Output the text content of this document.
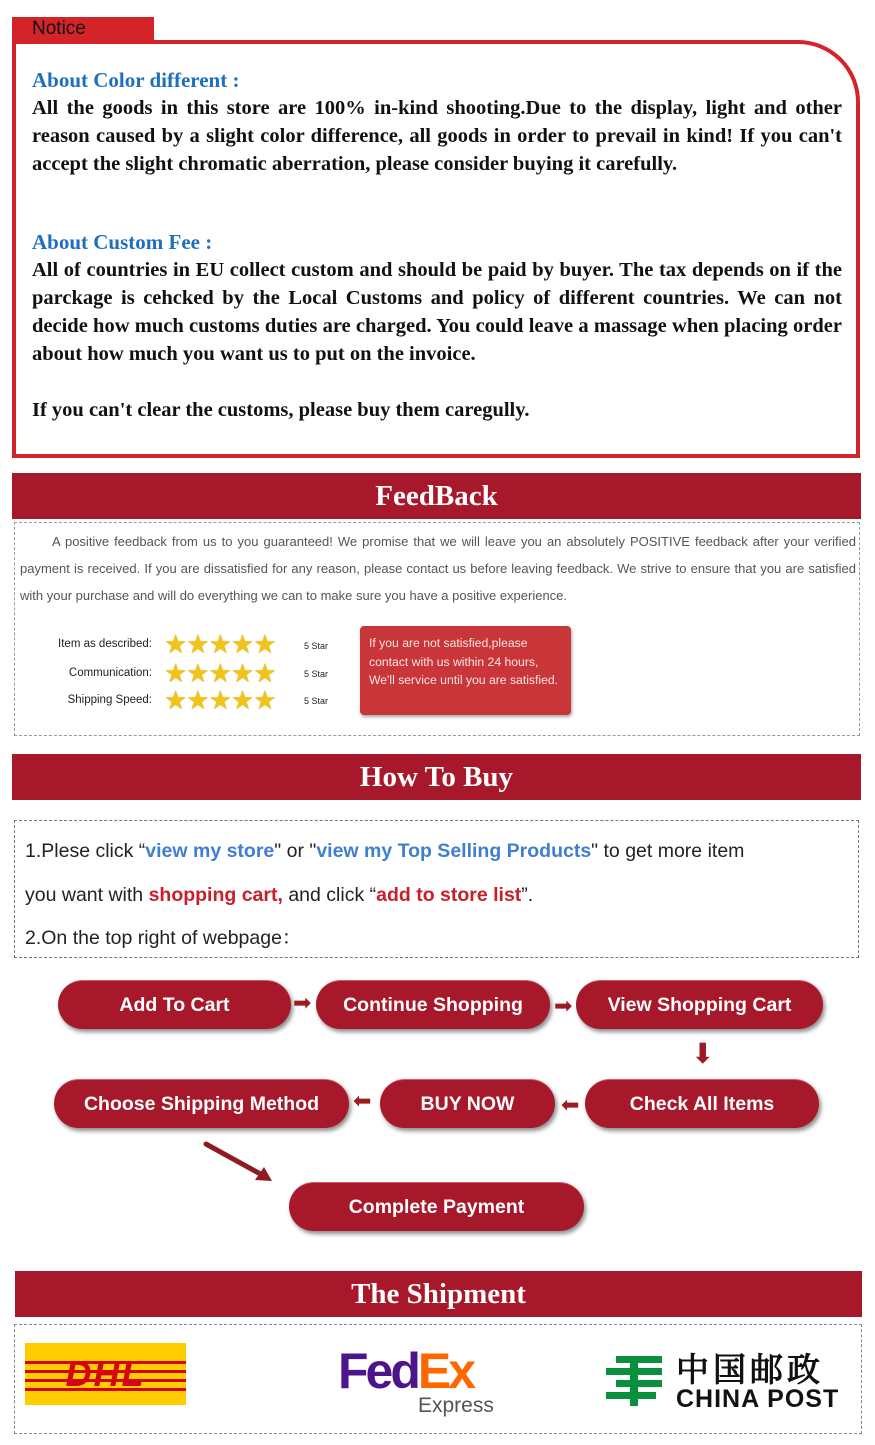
Notice
About Color different :

All the goods in this store are 100% in-kind shooting.Due to the display, light and other reason caused by a slight color difference, all goods in order to prevail in kind! If you can't accept the slight chromatic aberration, please consider buying it carefully.

About Custom Fee :

All of countries in EU collect custom and should be paid by buyer. The tax depends on if the parckage is cehcked by the Local Customs and policy of different countries. We can not decide how much customs duties are charged. You could leave a massage when placing order about how much you want us to put on the invoice.

If you can't clear the customs, please buy them caregully.

FeedBack

A positive feedback from us to you guaranteed! We promise that we will leave you an absolutely POSITIVE feedback after your verified payment is received. If you are dissatisfied for any reason, please contact us before leaving feedback. We strive to ensure that you are satisfied with your purchase and will do everything we can to make sure you have a positive experience.

Item as described: ★★★★★	5 Star
Communication: ★★★★★	5 Star
Shipping Speed: ★★★★★	5 Star
If you are not satisfied,please contact with us within 24 hours, We'll service until you are satisfied.
How To Buy
1.Plese click “view my store" or "view my Top Selling Products" to get more item
you want with shopping cart, and click “add to store list”.
2.On the top right of webpage：
Add To Cart	➡	Continue Shopping	➡	View Shopping Cart
⬇
Choose Shipping Method	⬅	BUY NOW	⬅	Check All Items
Complete Payment
The Shipment
DHL	FedEx
Express
中国邮政
CHINA POST
